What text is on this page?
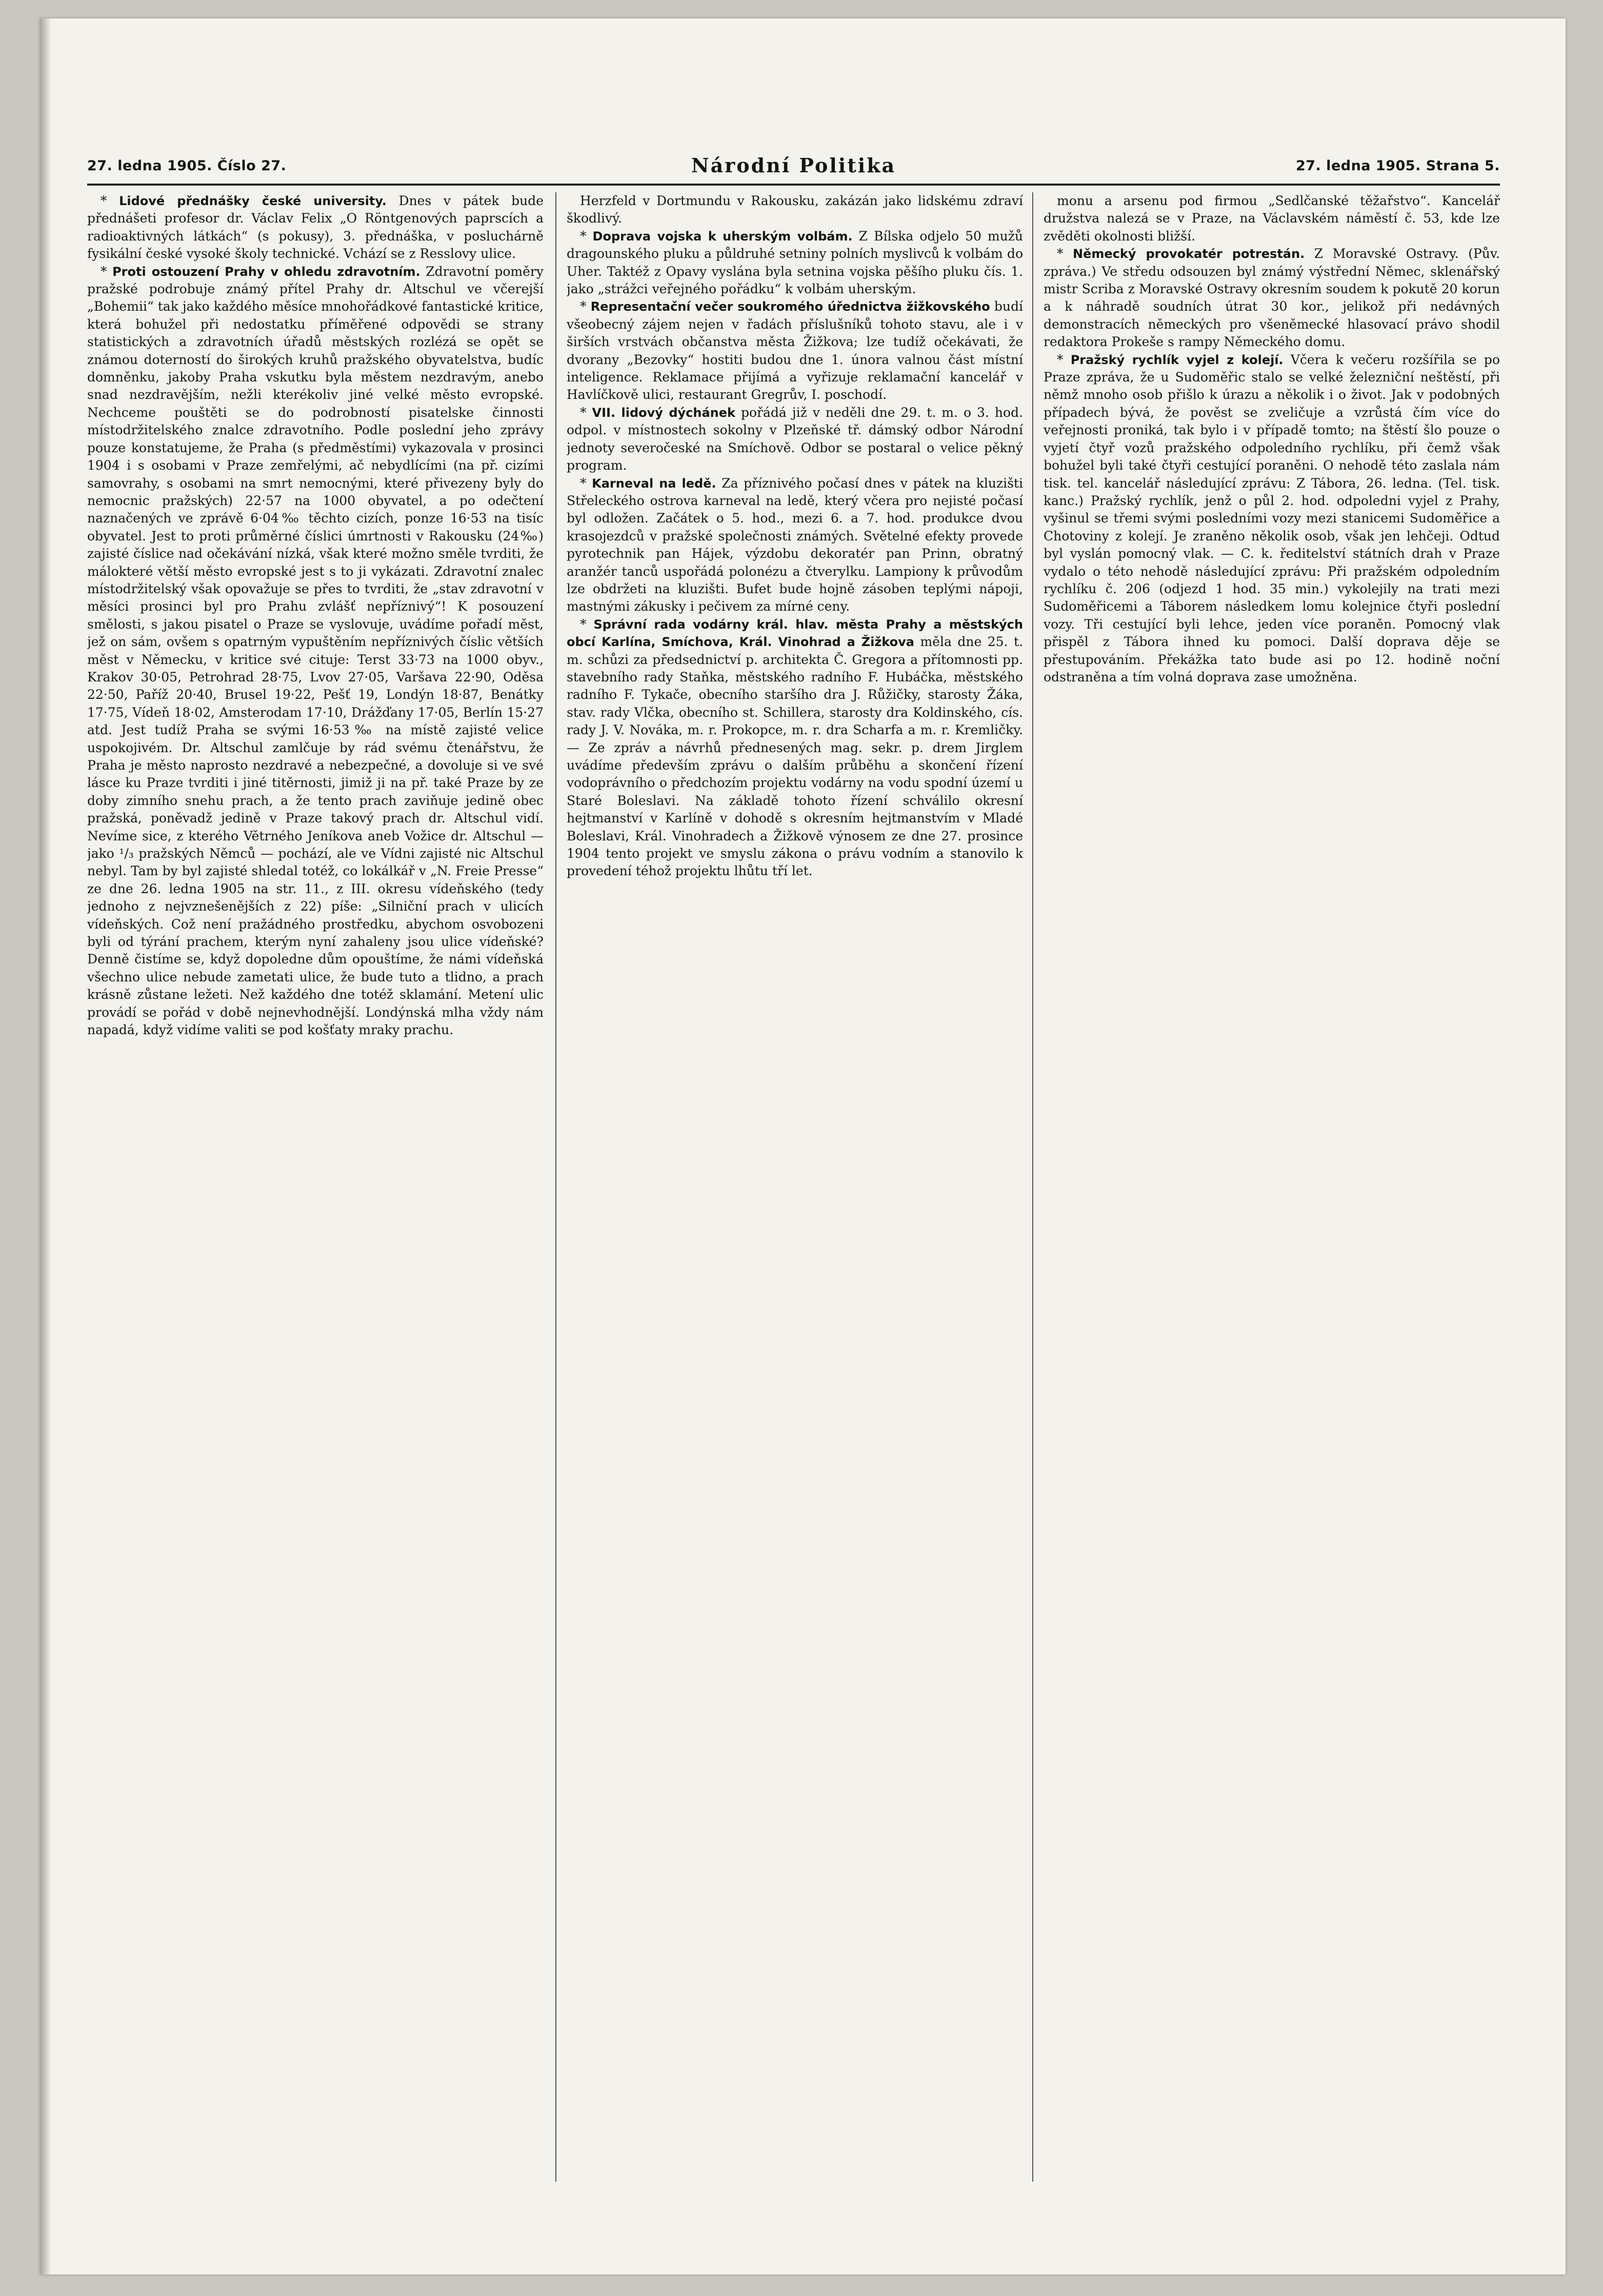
27. ledna 1905. Číslo 27.	Národní Politika	27. ledna 1905. Strana 5.

* Lidové přednášky české university. Dnes v pátek bude přednášeti profesor dr. Václav Felix „O Röntgenových paprscích a radioaktivných látkách“ (s pokusy), 3. přednáška, v posluchárně fysikální české vysoké školy technické. Vchází se z Resslovy ulice.

* Proti ostouzení Prahy v ohledu zdravotním. Zdravotní poměry pražské podrobuje známý přítel Prahy dr. Altschul ve včerejší „Bohemii“ tak jako každého měsíce mnohořádkové fantastické kritice, která bohužel při nedostatku příměřené odpovědi se strany statistických a zdravotních úřadů městských rozlézá se opět se známou doterností do širokých kruhů pražského obyvatelstva, budíc domněnku, jakoby Praha vskutku byla městem nezdravým, anebo snad nezdravějším, nežli kterékoliv jiné velké město evropské. Nechceme pouštěti se do podrobností pisatelske činnosti místodržitelského znalce zdravotního. Podle poslední jeho zprávy pouze konstatujeme, že Praha (s předměstími) vykazovala v prosinci 1904 i s osobami v Praze zemřelými, ač nebydlícími (na př. cizími samovrahy, s osobami na smrt nemocnými, které přivezeny byly do nemocnic pražských) 22·57 na 1000 obyvatel, a po odečtení naznačených ve zprávě 6·04‰ těchto cizích, ponze 16·53 na tisíc obyvatel. Jest to proti průměrné číslici úmrtnosti v Rakousku (24‰) zajisté číslice nad očekávání nízká, však které možno směle tvrditi, že málokteré větší město evropské jest s to ji vykázati. Zdravotní znalec místodržitelský však opovažuje se přes to tvrditi, že „stav zdravotní v měsíci prosinci byl pro Prahu zvlášť nepříznivý“! K posouzení smělosti, s jakou pisatel o Praze se vyslovuje, uvádíme pořadí měst, jež on sám, ovšem s opatrným vypuštěním nepříznivých číslic větších měst v Německu, v kritice své cituje: Terst 33·73 na 1000 obyv., Krakov 30·05, Petrohrad 28·75, Lvov 27·05, Varšava 22·90, Oděsa 22·50, Paříž 20·40, Brusel 19·22, Pešť 19, Londýn 18·87, Benátky 17·75, Vídeň 18·02, Amsterodam 17·10, Drážďany 17·05, Berlín 15·27 atd. Jest tudíž Praha se svými 16·53‰ na místě zajisté velice uspokojivém. Dr. Altschul zamlčuje by rád svému čtenářstvu, že Praha je město naprosto nezdravé a nebezpečné, a dovoluje si ve své lásce ku Praze tvrditi i jiné titěrnosti, jimiž ji na př. také Praze by ze doby zimního snehu prach, a že tento prach zaviňuje jedině obec pražská, poněvadž jedině v Praze takový prach dr. Altschul vidí. Nevíme sice, z kterého Větrného Jeníkova aneb Vožice dr. Altschul — jako ¹/₃ pražských Němců — pochází, ale ve Vídni zajisté nic Altschul nebyl. Tam by byl zajisté shledal totéž, co lokálkář v „N. Freie Presse“ ze dne 26. ledna 1905 na str. 11., z III. okresu vídeňského (tedy jednoho z nejvznešenějších z 22) píše: „Silniční prach v ulicích vídeňských. Což není pražádného prostředku, abychom osvobozeni byli od týrání prachem, kterým nyní zahaleny jsou ulice vídeňské? Denně čistíme se, když dopoledne dům opouštíme, že námi vídeňská všechno ulice nebude zametati ulice, že bude tuto a tlidno, a prach krásně zůstane ležeti. Než každého dne totéž sklamání. Metení ulic provádí se pořád v době nejnevhodnější. Londýnská mlha vždy nám napadá, když vidíme valiti se pod košťaty mraky prachu.

Herzfeld v Dortmundu v Rakousku, zakázán jako lidskému zdraví škodlivý.

* Doprava vojska k uherským volbám. Z Bílska odjelo 50 mužů dragounského pluku a půldruhé setniny polních myslivců k volbám do Uher. Taktéž z Opavy vyslána byla setnina vojska pěšího pluku čís. 1. jako „strážci veřejného pořádku“ k volbám uherským.

* Representační večer soukromého úřednictva žižkovského budí všeobecný zájem nejen v řadách příslušníků tohoto stavu, ale i v širších vrstvách občanstva města Žižkova; lze tudíž očekávati, že dvorany „Bezovky“ hostiti budou dne 1. února valnou část místní inteligence. Reklamace přijímá a vyřizuje reklamační kancelář v Havlíčkově ulici, restaurant Gregrův, I. poschodí.

* VII. lidový dýchánek pořádá již v neděli dne 29. t. m. o 3. hod. odpol. v místnostech sokolny v Plzeňské tř. dámský odbor Národní jednoty severočeské na Smíchově. Odbor se postaral o velice pěkný program.

* Karneval na ledě. Za příznivého počasí dnes v pátek na kluzišti Střeleckého ostrova karneval na ledě, který včera pro nejisté počasí byl odložen. Začátek o 5. hod., mezi 6. a 7. hod. produkce dvou krasojezdců v pražské společnosti známých. Světelné efekty provede pyrotechnik pan Hájek, výzdobu dekoratér pan Prinn, obratný aranžér tanců uspořádá polonézu a čtverylku. Lampiony k průvodům lze obdržeti na kluzišti. Bufet bude hojně zásoben teplými nápoji, mastnými zákusky i pečivem za mírné ceny.

* Správní rada vodárny král. hlav. města Prahy a městských obcí Karlína, Smíchova, Král. Vinohrad a Žižkova měla dne 25. t. m. schůzi za předsednictví p. architekta Č. Gregora a přítomnosti pp. stavebního rady Staňka, městského radního F. Hubáčka, městského radního F. Tykače, obecního staršího dra J. Růžičky, starosty Žáka, stav. rady Vlčka, obecního st. Schillera, starosty dra Koldinského, cís. rady J. V. Nováka, m. r. Prokopce, m. r. dra Scharfa a m. r. Kremličky. — Ze zpráv a návrhů přednesených mag. sekr. p. drem Jirglem uvádíme především zprávu o dalším průběhu a skončení řízení vodoprávního o předchozím projektu vodárny na vodu spodní území u Staré Boleslavi. Na základě tohoto řízení schválilo okresní hejtmanství v Karlíně v dohodě s okresním hejtmanstvím v Mladé Boleslavi, Král. Vinohradech a Žižkově výnosem ze dne 27. prosince 1904 tento projekt ve smyslu zákona o právu vodním a stanovilo k provedení téhož projektu lhůtu tří let.

monu a arsenu pod firmou „Sedlčanské těžařstvo“. Kancelář družstva nalezá se v Praze, na Václavském náměstí č. 53, kde lze zvěděti okolnosti bližší.

* Německý provokatér potrestán. Z Moravské Ostravy. (Pův. zpráva.) Ve středu odsouzen byl známý výstřední Němec, sklenářský mistr Scriba z Moravské Ostravy okresním soudem k pokutě 20 korun a k náhradě soudních útrat 30 kor., jelikož při nedávných demonstracích německých pro všeněmecké hlasovací právo shodil redaktora Prokeše s rampy Německého domu.

* Pražský rychlík vyjel z kolejí. Včera k večeru rozšířila se po Praze zpráva, že u Sudoměřic stalo se velké železniční neštěstí, při němž mnoho osob přišlo k úrazu a několik i o život. Jak v podobných případech bývá, že pověst se zveličuje a vzrůstá čím více do veřejnosti proniká, tak bylo i v případě tomto; na štěstí šlo pouze o vyjetí čtyř vozů pražského odpoledního rychlíku, při čemž však bohužel byli také čtyři cestující poraněni. O nehodě této zaslala nám tisk. tel. kancelář následující zprávu: Z Tábora, 26. ledna. (Tel. tisk. kanc.) Pražský rychlík, jenž o půl 2. hod. odpoledni vyjel z Prahy, vyšinul se třemi svými posledními vozy mezi stanicemi Sudoměřice a Chotoviny z kolejí. Je zraněno několik osob, však jen lehčeji. Odtud byl vyslán pomocný vlak. — C. k. ředitelství státních drah v Praze vydalo o této nehodě následující zprávu: Při pražském odpoledním rychlíku č. 206 (odjezd 1 hod. 35 min.) vykolejily na trati mezi Sudoměřicemi a Táborem následkem lomu kolejnice čtyři poslední vozy. Tři cestující byli lehce, jeden více poraněn. Pomocný vlak přispěl z Tábora ihned ku pomoci. Další doprava děje se přestupováním. Překážka tato bude asi po 12. hodině noční odstraněna a tím volná doprava zase umožněna.
